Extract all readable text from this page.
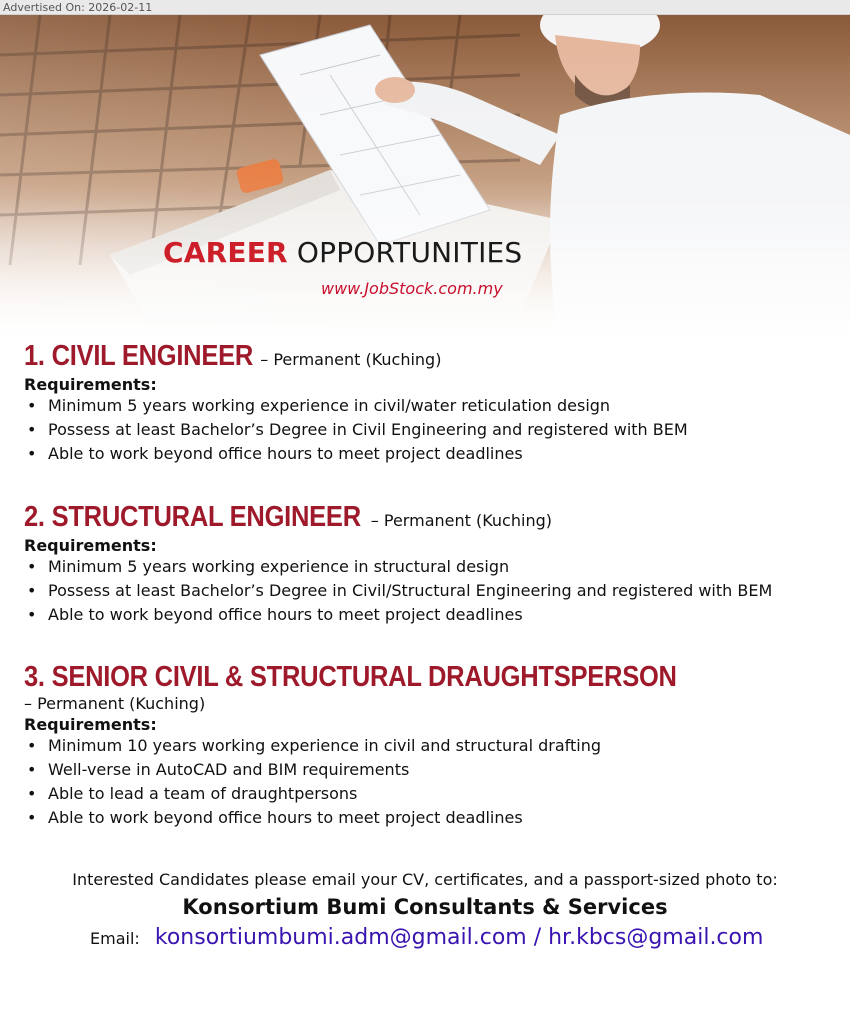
Advertised On: 2026-02-11
CAREER OPPORTUNITIES
www.JobStock.com.my
1. CIVIL ENGINEER – Permanent (Kuching)
Requirements:
• Minimum 5 years working experience in civil/water reticulation design
• Possess at least Bachelor’s Degree in Civil Engineering and registered with BEM
• Able to work beyond office hours to meet project deadlines
2. STRUCTURAL ENGINEER – Permanent (Kuching)
Requirements:
• Minimum 5 years working experience in structural design
• Possess at least Bachelor’s Degree in Civil/Structural Engineering and registered with BEM
• Able to work beyond office hours to meet project deadlines
3. SENIOR CIVIL & STRUCTURAL DRAUGHTSPERSON
– Permanent (Kuching)
Requirements:
• Minimum 10 years working experience in civil and structural drafting
• Well-verse in AutoCAD and BIM requirements
• Able to lead a team of draughtpersons
• Able to work beyond office hours to meet project deadlines
Interested Candidates please email your CV, certificates, and a passport-sized photo to:
Konsortium Bumi Consultants & Services
Email: konsortiumbumi.adm@gmail.com / hr.kbcs@gmail.com
